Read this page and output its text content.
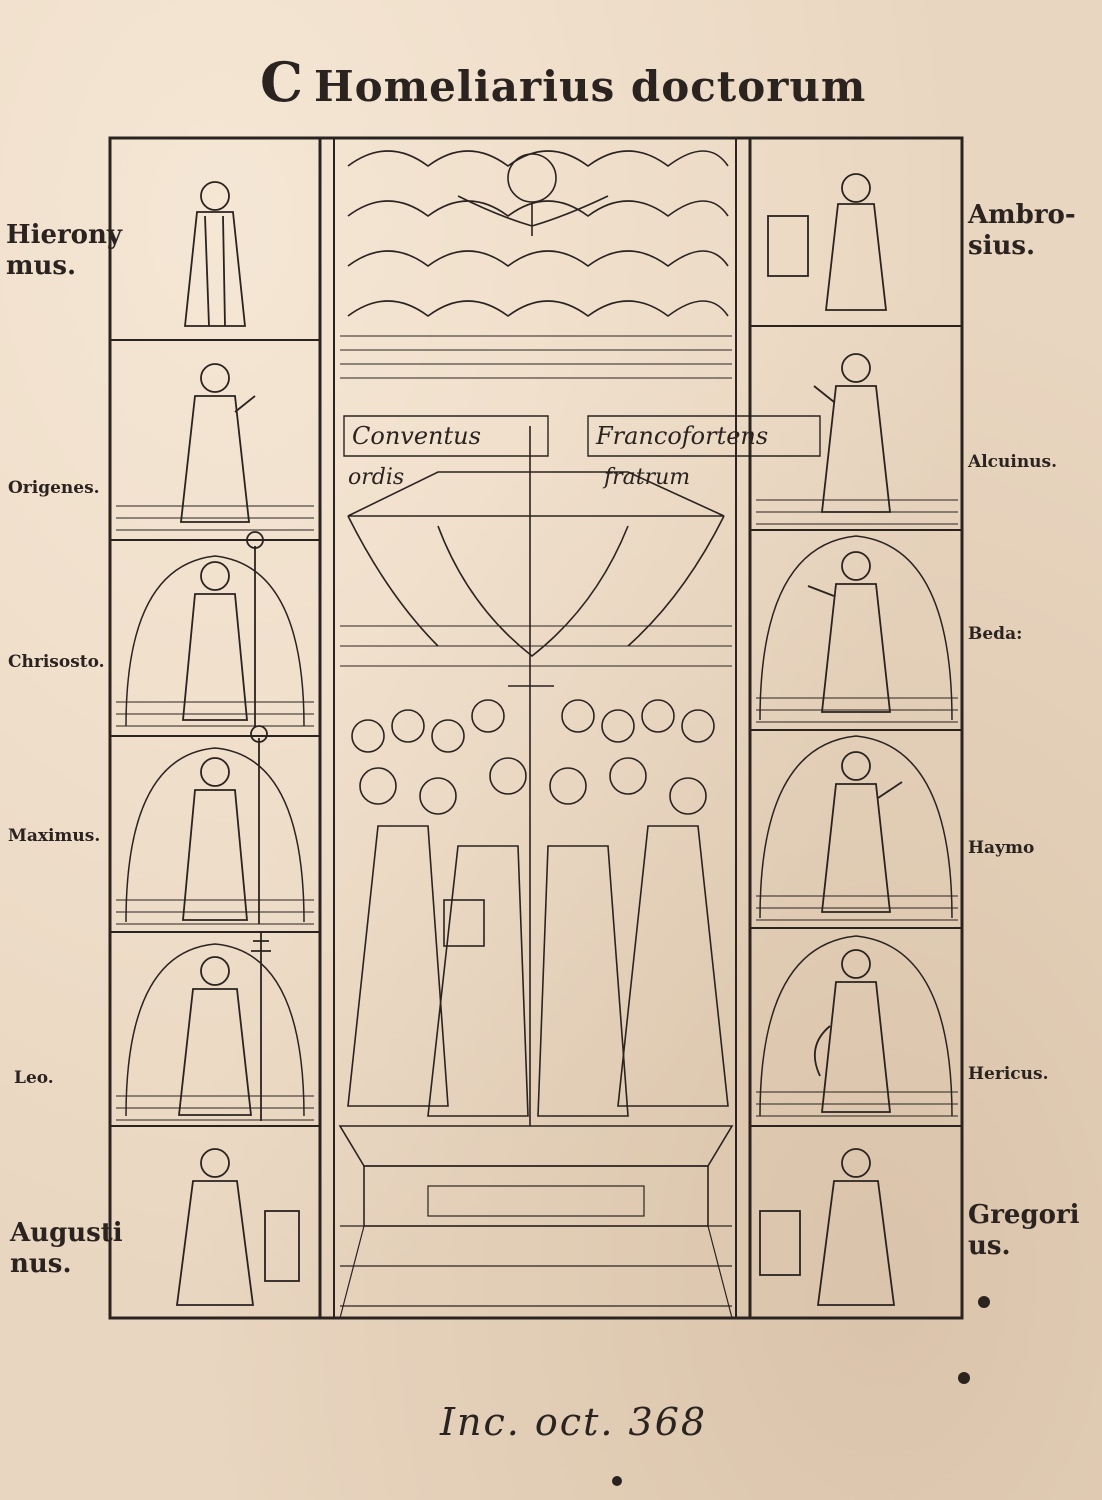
C Homeliarius doctorum
Hierony
mus.
Origenes.
Chrisosto.
Maximus.
Leo.
Augusti
nus.
Ambro-
sius.
Alcuinus.
Beda:
Haymo
Hericus.
Gregori
us.
Conventus
ordis
Francofortens
fratrum
Inc. oct. 368
